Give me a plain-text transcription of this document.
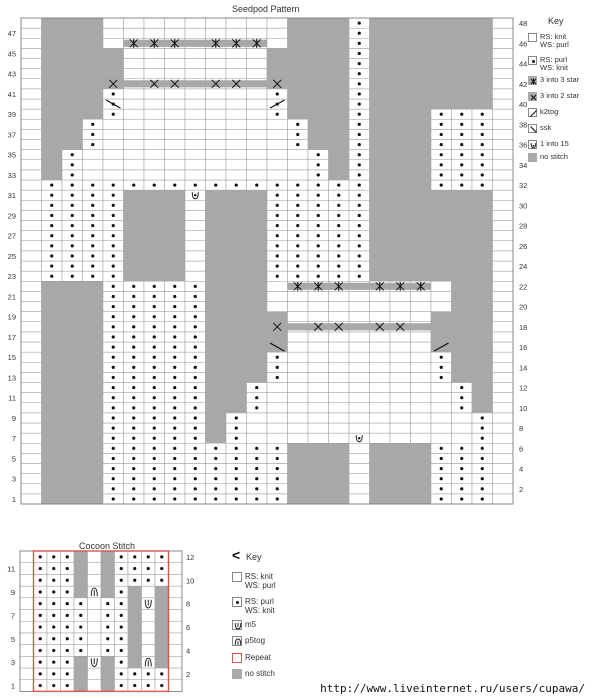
47
45
43
41
39
37
35
33
31
29
27
25
23
21
19
17
15
13
11
9
7
5
3
1
48
46
44
42
40
38
36
34
32
30
28
26
24
22
20
18
16
14
12
10
8
6
4
2
11
9
7
5
3
1
12
10
8
6
4
2
Seedpod Pattern
Key
RS: knit
WS: purl
RS: purl
WS: knit
3 into 3 star
3 into 2 star
k2tog
ssk
1 into 15
no stitch
Cocoon Stitch
< Key
RS: knit
WS: purl
RS: purl
WS: knit
m5
p5tog
Repeat
no stitch
http://www.liveinternet.ru/users/cupawa/
